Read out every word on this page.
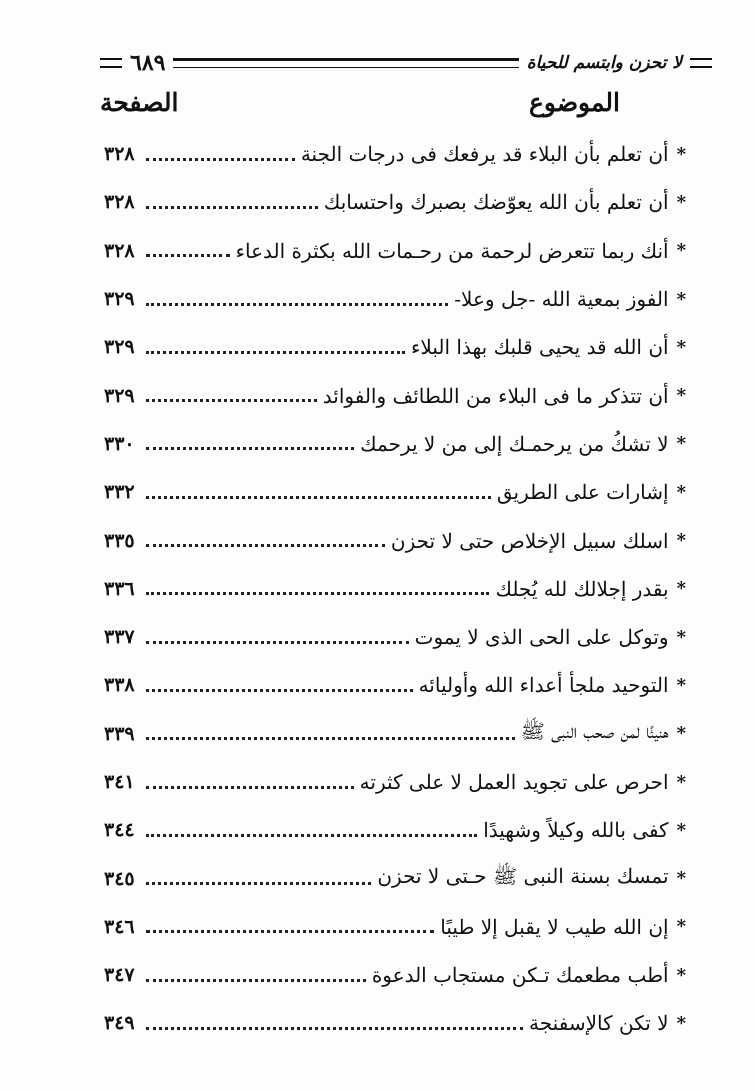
لا تحزن وابتسم للحياة
٦٨٩
الموضوع
الصفحة
*
أن تعلم بأن البلاء قد يرفعك فى درجات الجنة
٣٢٨
*
أن تعلم بأن الله يعوّضك بصبرك واحتسابك
٣٢٨
*
أنك ربما تتعرض لرحمة من رحـمات الله بكثرة الدعاء
٣٢٨
*
الفوز بمعية الله -جل وعلا-
٣٢٩
*
أن الله قد يحيى قلبك بهذا البلاء
٣٢٩
*
أن تتذكر ما فى البلاء من اللطائف والفوائد
٣٢٩
*
لا تشكُ من يرحمـك إلى من لا يرحمك
٣٣٠
*
إشارات على الطريق
٣٣٢
*
اسلك سبيل الإخلاص حتى لا تحزن
٣٣٥
*
بقدر إجلالك لله يُجلك
٣٣٦
*
وتوكل على الحى الذى لا يموت
٣٣٧
*
التوحيد ملجأ أعداء الله وأوليائه
٣٣٨
*
هنيئًا لمن صحب النبى ﷺ
٣٣٩
*
احرص على تجويد العمل لا على كثرته
٣٤١
*
كفى بالله وكيلاً وشهيدًا
٣٤٤
*
تمسك بسنة النبى ﷺ حـتى لا تحزن
٣٤٥
*
إن الله طيب لا يقبل إلا طيبًا
٣٤٦
*
أطب مطعمك تـكن مستجاب الدعوة
٣٤٧
*
لا تكن كالإسفنجة
٣٤٩
